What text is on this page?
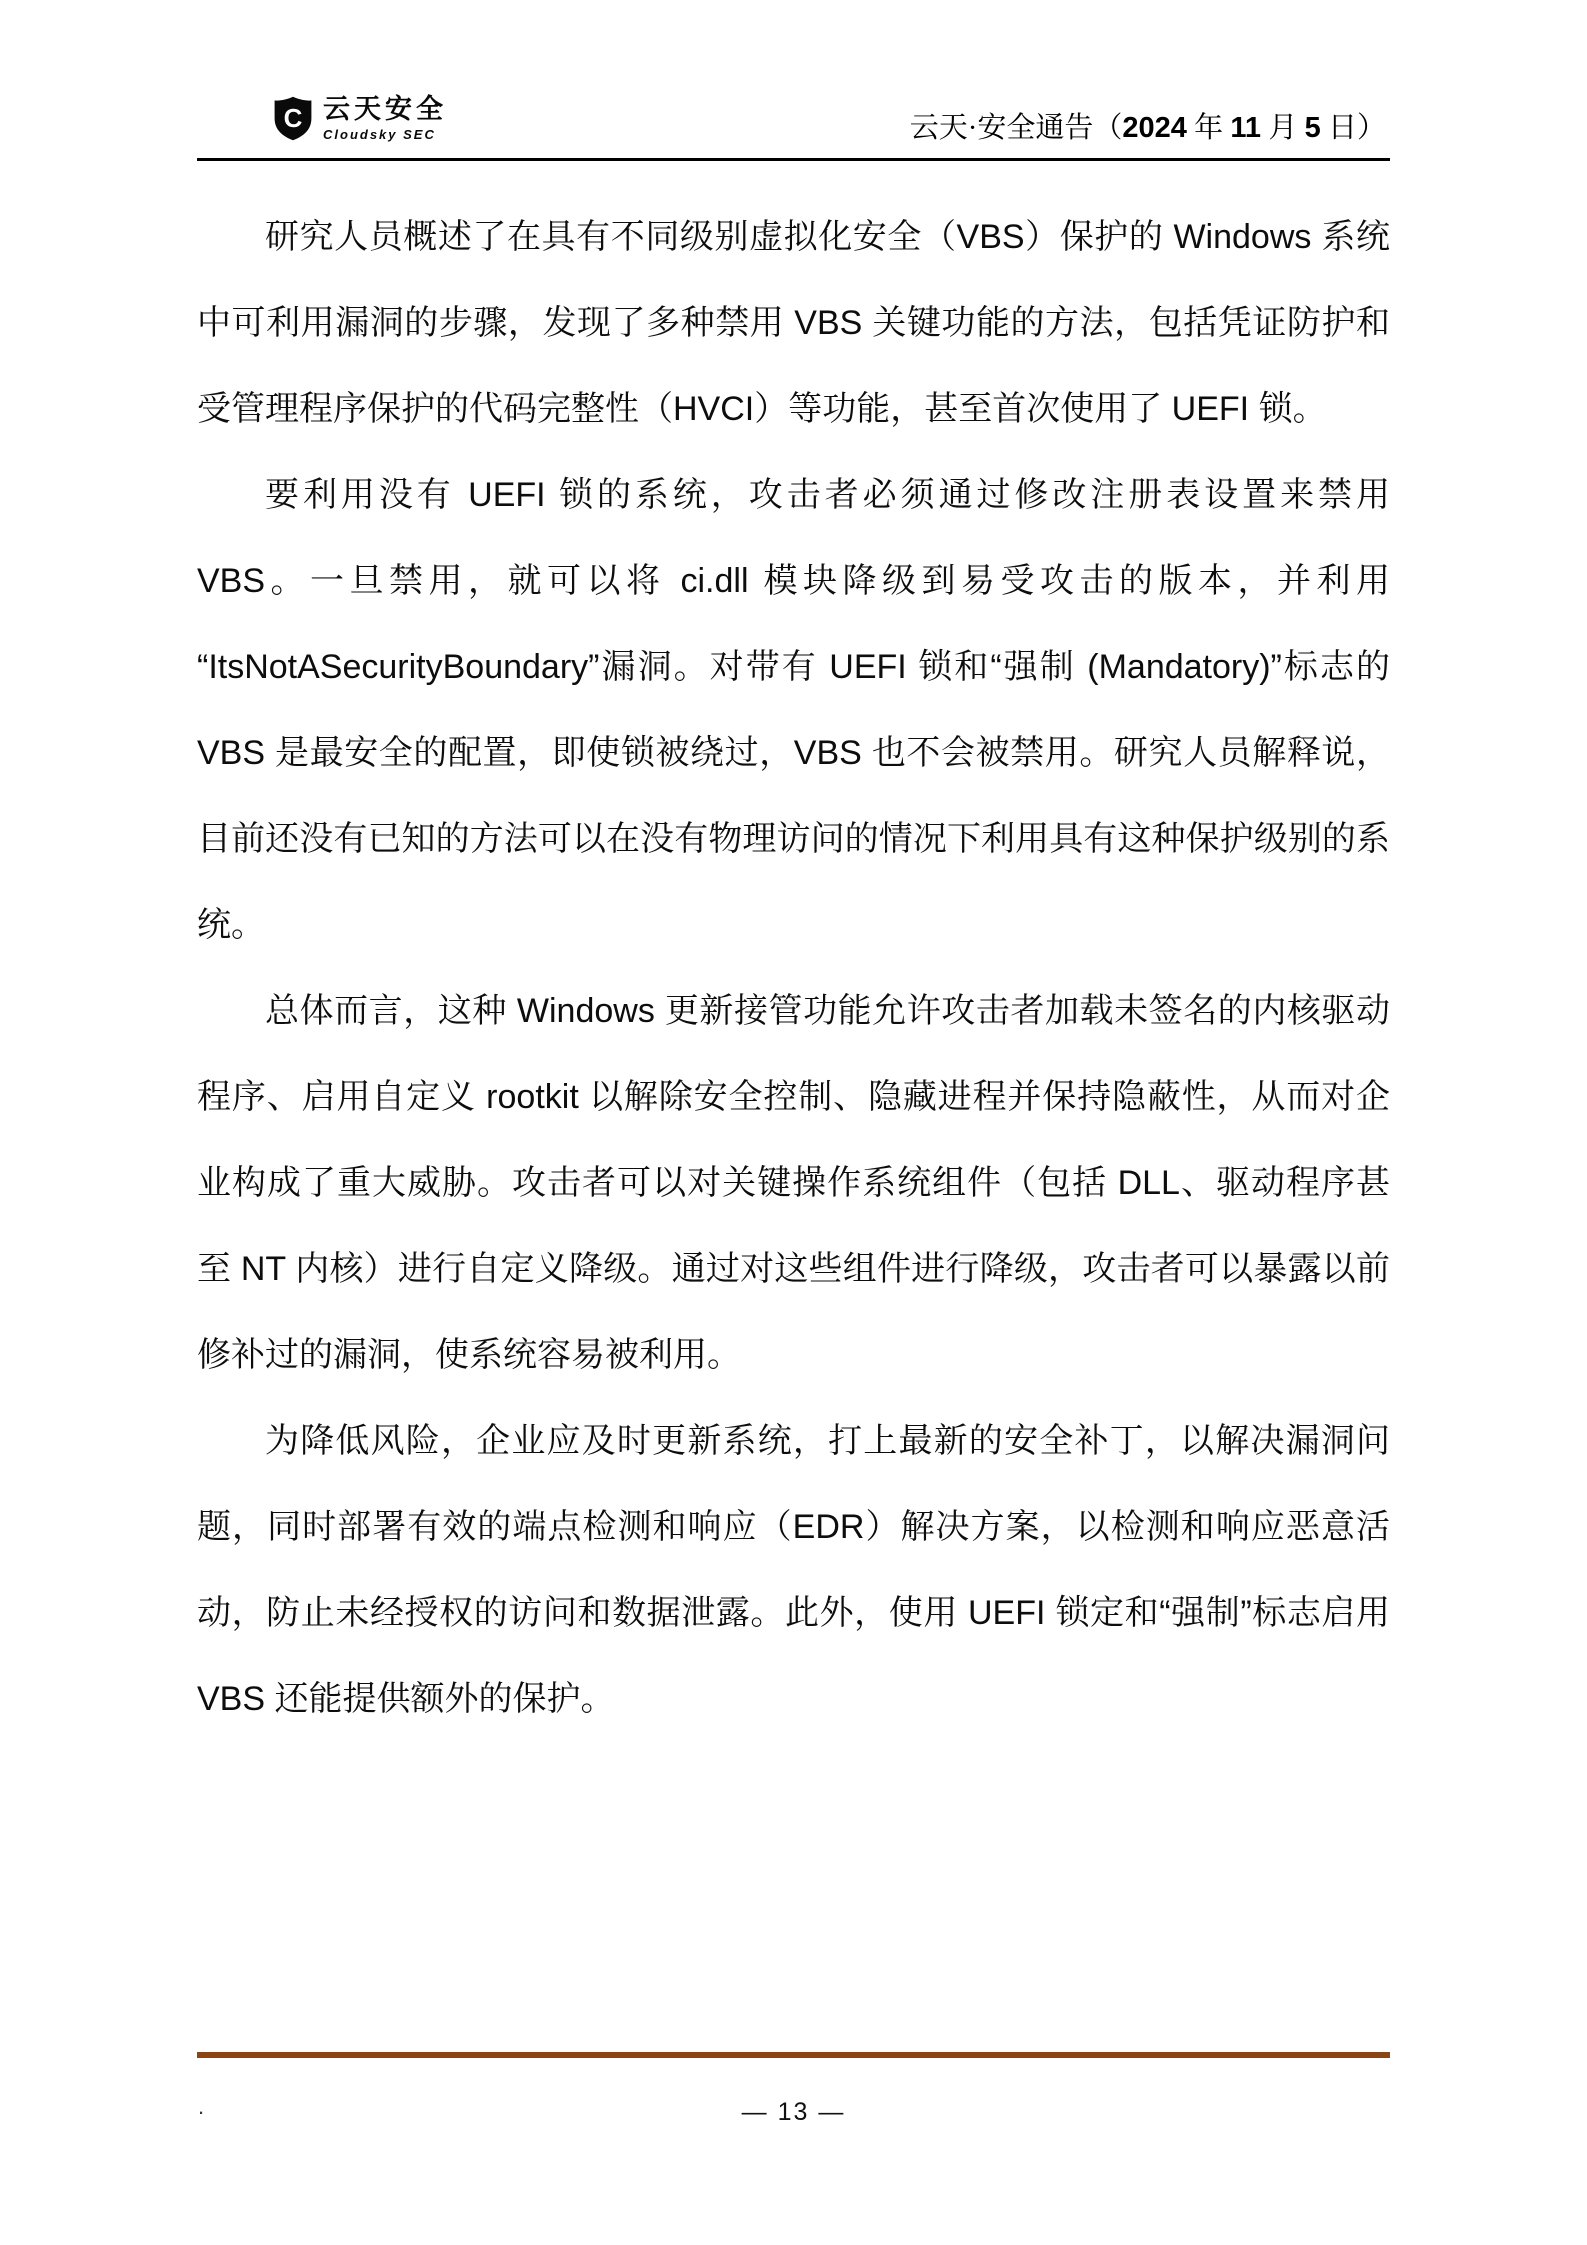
C 云天安全
Cloudsky SEC	云天·安全通告（2024 年 11 月 5 日）

研究人员概述了在具有不同级别虚拟化安全（VBS）保护的 Windows 系统中可利用漏洞的步骤，发现了多种禁用 VBS 关键功能的方法，包括凭证防护和受管理程序保护的代码完整性（HVCI）等功能，甚至首次使用了 UEFI 锁。

要利用没有 UEFI 锁的系统，攻击者必须通过修改注册表设置来禁用 VBS。一旦禁用，就可以将 ci.dll 模块降级到易受攻击的版本，并利用“ItsNotASecurityBoundary”漏洞。对带有 UEFI 锁和“强制 (Mandatory)”标志的 VBS 是最安全的配置，即使锁被绕过，VBS 也不会被禁用。研究人员解释说，目前还没有已知的方法可以在没有物理访问的情况下利用具有这种保护级别的系统。

总体而言，这种 Windows 更新接管功能允许攻击者加载未签名的内核驱动程序、启用自定义 rootkit 以解除安全控制、隐藏进程并保持隐蔽性，从而对企业构成了重大威胁。攻击者可以对关键操作系统组件（包括 DLL、驱动程序甚至 NT 内核）进行自定义降级。通过对这些组件进行降级，攻击者可以暴露以前修补过的漏洞，使系统容易被利用。

为降低风险，企业应及时更新系统，打上最新的安全补丁，以解决漏洞问题，同时部署有效的端点检测和响应（EDR）解决方案，以检测和响应恶意活动，防止未经授权的访问和数据泄露。此外，使用 UEFI 锁定和“强制”标志启用 VBS 还能提供额外的保护。

.	— 13 —
